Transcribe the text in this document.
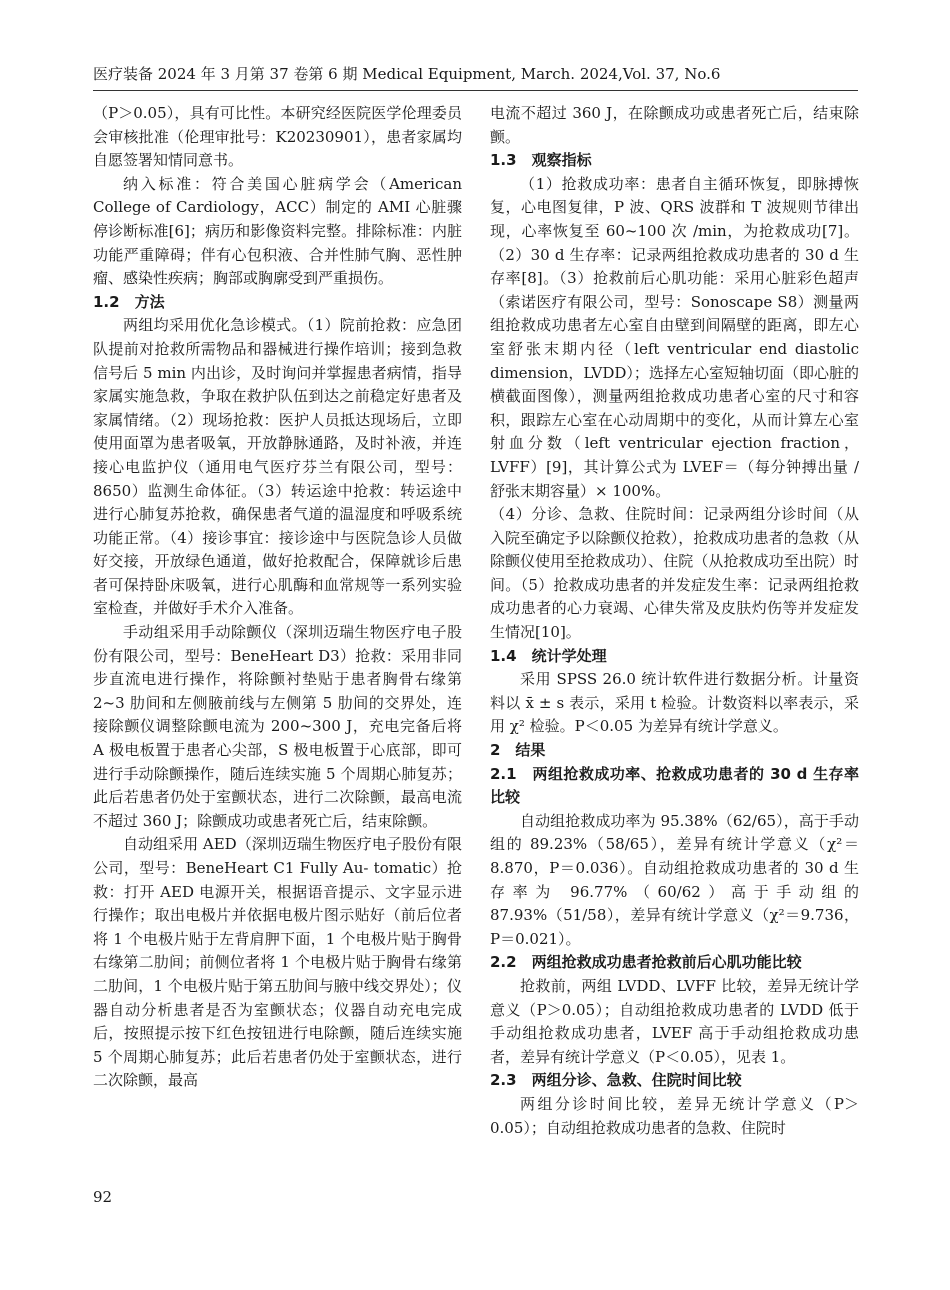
医疗装备 2024 年 3 月第 37 卷第 6 期 Medical Equipment, March. 2024,Vol. 37, No.6

（P＞0.05），具有可比性。本研究经医院医学伦理委员会审核批准（伦理审批号：K20230901），患者家属均自愿签署知情同意书。

纳入标准：符合美国心脏病学会（American College of Cardiology，ACC）制定的 AMI 心脏骤停诊断标准[6]；病历和影像资料完整。排除标准：内脏功能严重障碍；伴有心包积液、合并性肺气胸、恶性肿瘤、感染性疾病；胸部或胸廓受到严重损伤。

1.2　方法

两组均采用优化急诊模式。（1）院前抢救：应急团队提前对抢救所需物品和器械进行操作培训；接到急救信号后 5 min 内出诊，及时询问并掌握患者病情，指导家属实施急救，争取在救护队伍到达之前稳定好患者及家属情绪。（2）现场抢救：医护人员抵达现场后，立即使用面罩为患者吸氧，开放静脉通路，及时补液，并连接心电监护仪（通用电气医疗芬兰有限公司，型号：8650）监测生命体征。（3）转运途中抢救：转运途中进行心肺复苏抢救，确保患者气道的温湿度和呼吸系统功能正常。（4）接诊事宜：接诊途中与医院急诊人员做好交接，开放绿色通道，做好抢救配合，保障就诊后患者可保持卧床吸氧，进行心肌酶和血常规等一系列实验室检查，并做好手术介入准备。

手动组采用手动除颤仪（深圳迈瑞生物医疗电子股份有限公司，型号：BeneHeart D3）抢救：采用非同步直流电进行操作，将除颤衬垫贴于患者胸骨右缘第 2~3 肋间和左侧腋前线与左侧第 5 肋间的交界处，连接除颤仪调整除颤电流为 200~300 J，充电完备后将 A 极电板置于患者心尖部，S 极电板置于心底部，即可进行手动除颤操作，随后连续实施 5 个周期心肺复苏；此后若患者仍处于室颤状态，进行二次除颤，最高电流不超过 360 J；除颤成功或患者死亡后，结束除颤。

自动组采用 AED（深圳迈瑞生物医疗电子股份有限公司，型号：BeneHeart C1 Fully Au- tomatic）抢救：打开 AED 电源开关，根据语音提示、文字显示进行操作；取出电极片并依据电极片图示贴好（前后位者将 1 个电极片贴于左背肩胛下面，1 个电极片贴于胸骨右缘第二肋间；前侧位者将 1 个电极片贴于胸骨右缘第二肋间，1 个电极片贴于第五肋间与腋中线交界处）；仪器自动分析患者是否为室颤状态；仪器自动充电完成后，按照提示按下红色按钮进行电除颤，随后连续实施 5 个周期心肺复苏；此后若患者仍处于室颤状态，进行二次除颤，最高

电流不超过 360 J，在除颤成功或患者死亡后，结束除颤。

1.3　观察指标

（1）抢救成功率：患者自主循环恢复，即脉搏恢复，心电图复律，P 波、QRS 波群和 T 波规则节律出现，心率恢复至 60~100 次 /min，为抢救成功[7]。（2）30 d 生存率：记录两组抢救成功患者的 30 d 生存率[8]。（3）抢救前后心肌功能：采用心脏彩色超声（索诺医疗有限公司，型号：Sonoscape S8）测量两组抢救成功患者左心室自由壁到间隔壁的距离，即左心室舒张末期内径（left ventricular end diastolic dimension，LVDD）；选择左心室短轴切面（即心脏的横截面图像），测量两组抢救成功患者心室的尺寸和容积，跟踪左心室在心动周期中的变化，从而计算左心室射血分数（left ventricular ejection fraction，LVFF）[9]，其计算公式为 LVEF＝（每分钟搏出量 / 舒张末期容量）× 100%。

（4）分诊、急救、住院时间：记录两组分诊时间（从入院至确定予以除颤仪抢救），抢救成功患者的急救（从除颤仪使用至抢救成功）、住院（从抢救成功至出院）时间。（5）抢救成功患者的并发症发生率：记录两组抢救成功患者的心力衰竭、心律失常及皮肤灼伤等并发症发生情况[10]。

1.4　统计学处理

采用 SPSS 26.0 统计软件进行数据分析。计量资料以 x̄ ± s 表示，采用 t 检验。计数资料以率表示，采用 χ² 检验。P＜0.05 为差异有统计学意义。

2　结果

2.1　两组抢救成功率、抢救成功患者的 30 d 生存率比较

自动组抢救成功率为 95.38%（62/65），高于手动组的 89.23%（58/65），差异有统计学意义（χ²＝8.870，P＝0.036）。自动组抢救成功患者的 30 d 生存率为 96.77%（60/62）高于手动组的 87.93%（51/58），差异有统计学意义（χ²＝9.736，P＝0.021）。

2.2　两组抢救成功患者抢救前后心肌功能比较

抢救前，两组 LVDD、LVFF 比较，差异无统计学意义（P＞0.05）；自动组抢救成功患者的 LVDD 低于手动组抢救成功患者，LVEF 高于手动组抢救成功患者，差异有统计学意义（P＜0.05），见表 1。

2.3　两组分诊、急救、住院时间比较

两组分诊时间比较，差异无统计学意义（P＞0.05）；自动组抢救成功患者的急救、住院时

92
